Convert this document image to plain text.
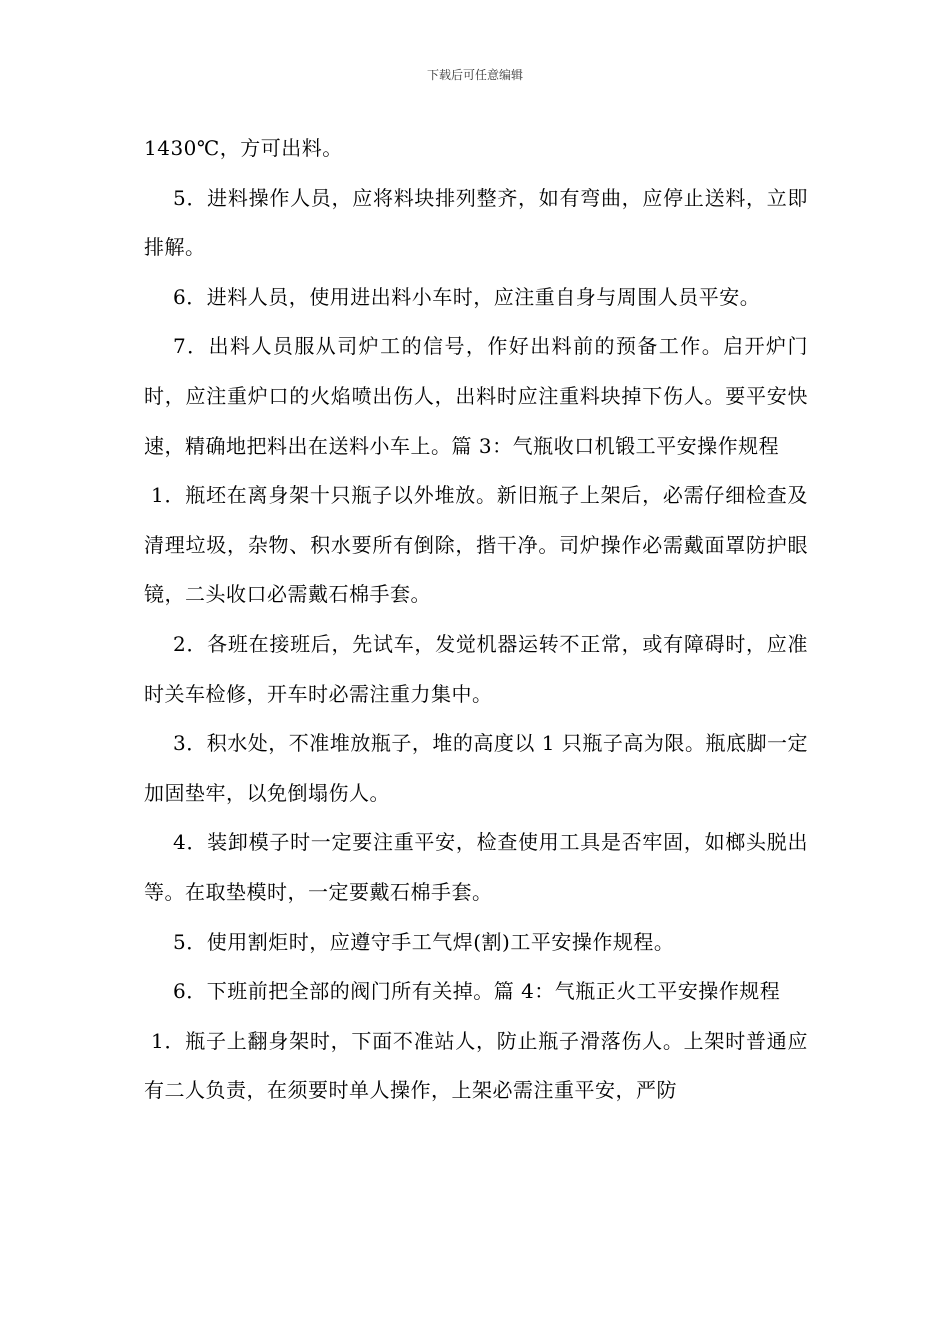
下载后可任意编辑

1430℃，方可出料。

5．进料操作人员，应将料块排列整齐，如有弯曲，应停止送料，立即排解。

6．进料人员，使用进出料小车时，应注重自身与周围人员平安。

7．出料人员服从司炉工的信号，作好出料前的预备工作。启开炉门时，应注重炉口的火焰喷出伤人，出料时应注重料块掉下伤人。要平安快速，精确地把料出在送料小车上。篇 3：气瓶收口机锻工平安操作规程

1．瓶坯在离身架十只瓶子以外堆放。新旧瓶子上架后，必需仔细检查及清理垃圾，杂物、积水要所有倒除，揩干净。司炉操作必需戴面罩防护眼镜，二头收口必需戴石棉手套。

2．各班在接班后，先试车，发觉机器运转不正常，或有障碍时，应准时关车检修，开车时必需注重力集中。

3．积水处，不准堆放瓶子，堆的高度以 1 只瓶子高为限。瓶底脚一定加固垫牢，以免倒塌伤人。

4．装卸模子时一定要注重平安，检查使用工具是否牢固，如榔头脱出等。在取垫模时，一定要戴石棉手套。

5．使用割炬时，应遵守手工气焊(割)工平安操作规程。

6．下班前把全部的阀门所有关掉。篇 4：气瓶正火工平安操作规程

1．瓶子上翻身架时，下面不准站人，防止瓶子滑落伤人。上架时普通应有二人负责，在须要时单人操作，上架必需注重平安，严防
